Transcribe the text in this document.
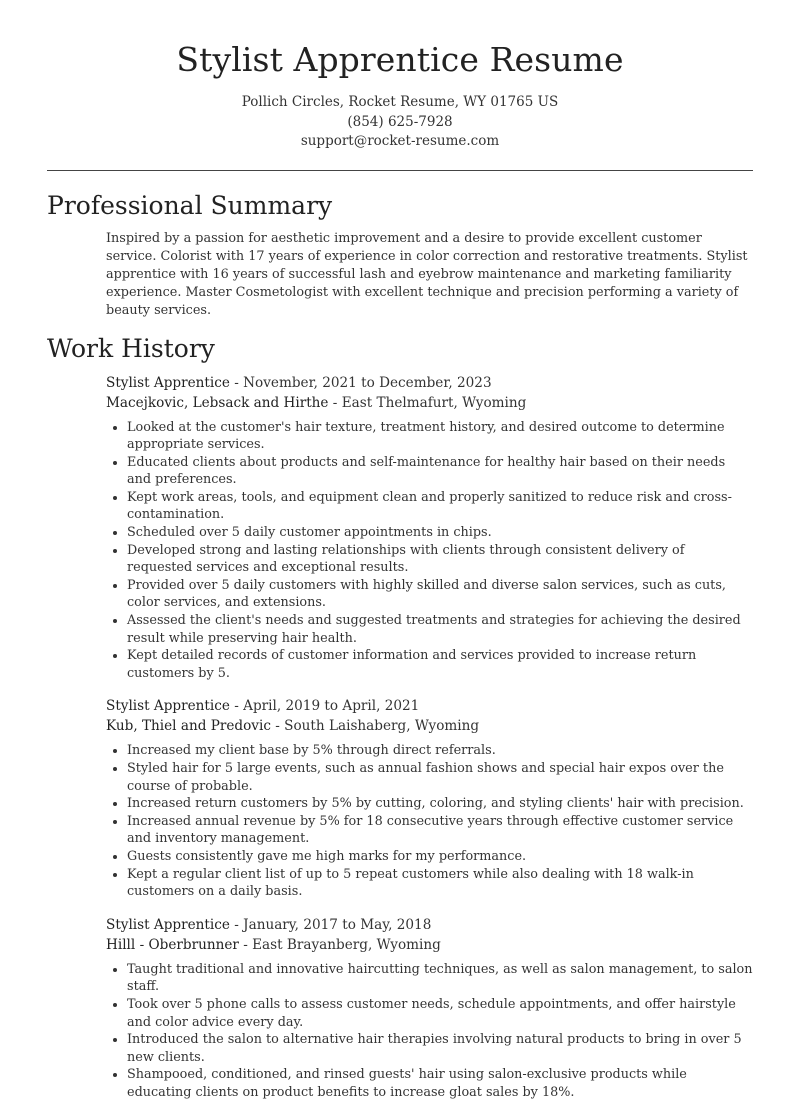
Stylist Apprentice Resume
Pollich Circles, Rocket Resume, WY 01765 US
(854) 625-7928
support@rocket-resume.com
Professional Summary
Inspired by a passion for aesthetic improvement and a desire to provide excellent customer service. Colorist with 17 years of experience in color correction and restorative treatments. Stylist apprentice with 16 years of successful lash and eyebrow maintenance and marketing familiarity experience. Master Cosmetologist with excellent technique and precision performing a variety of beauty services.
Work History
Stylist Apprentice - November, 2021 to December, 2023
Macejkovic, Lebsack and Hirthe - East Thelmafurt, Wyoming
• Looked at the customer's hair texture, treatment history, and desired outcome to determine appropriate services.
• Educated clients about products and self-maintenance for healthy hair based on their needs and preferences.
• Kept work areas, tools, and equipment clean and properly sanitized to reduce risk and cross-contamination.
• Scheduled over 5 daily customer appointments in chips.
• Developed strong and lasting relationships with clients through consistent delivery of requested services and exceptional results.
• Provided over 5 daily customers with highly skilled and diverse salon services, such as cuts, color services, and extensions.
• Assessed the client's needs and suggested treatments and strategies for achieving the desired result while preserving hair health.
• Kept detailed records of customer information and services provided to increase return customers by 5.
Stylist Apprentice - April, 2019 to April, 2021
Kub, Thiel and Predovic - South Laishaberg, Wyoming
• Increased my client base by 5% through direct referrals.
• Styled hair for 5 large events, such as annual fashion shows and special hair expos over the course of probable.
• Increased return customers by 5% by cutting, coloring, and styling clients' hair with precision.
• Increased annual revenue by 5% for 18 consecutive years through effective customer service and inventory management.
• Guests consistently gave me high marks for my performance.
• Kept a regular client list of up to 5 repeat customers while also dealing with 18 walk-in customers on a daily basis.
Stylist Apprentice - January, 2017 to May, 2018
Hilll - Oberbrunner - East Brayanberg, Wyoming
• Taught traditional and innovative haircutting techniques, as well as salon management, to salon staff.
• Took over 5 phone calls to assess customer needs, schedule appointments, and offer hairstyle and color advice every day.
• Introduced the salon to alternative hair therapies involving natural products to bring in over 5 new clients.
• Shampooed, conditioned, and rinsed guests' hair using salon-exclusive products while educating clients on product benefits to increase gloat sales by 18%.
